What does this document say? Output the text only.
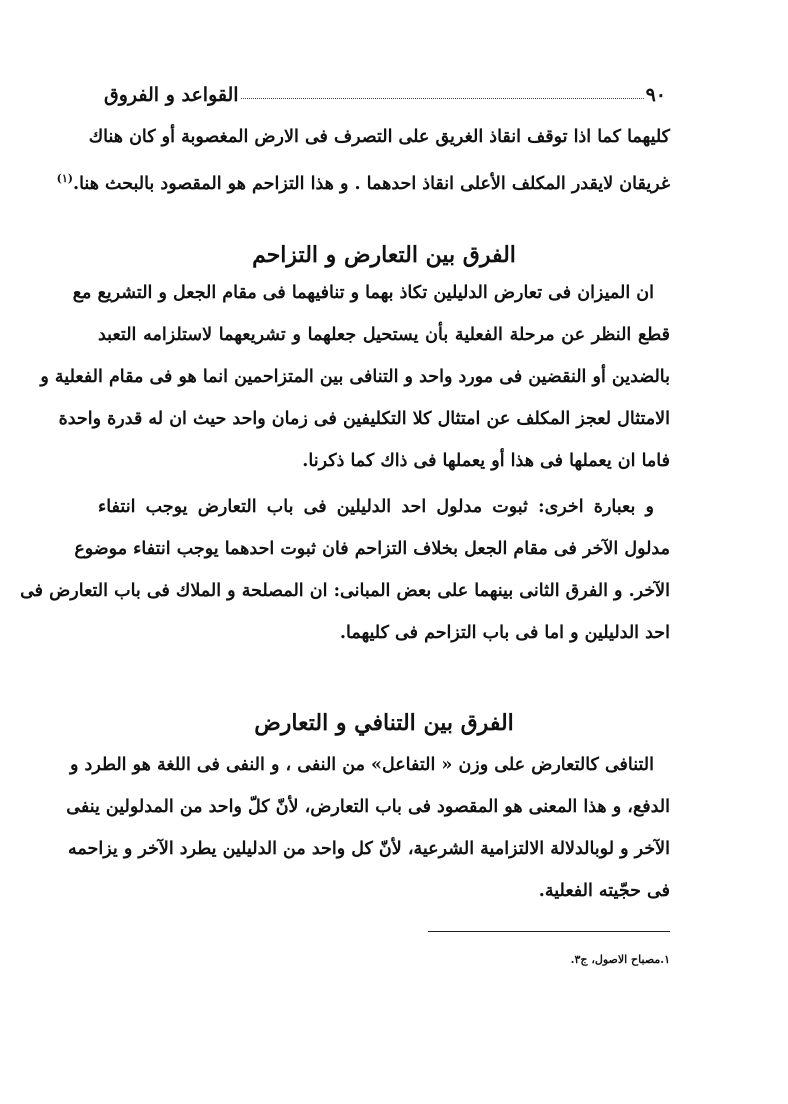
القواعد و الفروق	٩٠
كليهما كما اذا توقف انقاذ الغريق على التصرف فى الارض المغصوبة أو كان هناك
غريقان لايقدر المكلف الأعلى انقاذ احدهما . و هذا التزاحم هو المقصود بالبحث هنا.$^{(١)}$
الفرق بين التعارض و التزاحم
ان الميزان فى تعارض الدليلين تكاذ بهما و تنافيهما فى مقام الجعل و التشريع مع
قطع النظر عن مرحلة الفعلية بأن يستحيل جعلهما و تشريعهما لاستلزامه التعبد
بالضدين أو النقضين فى مورد واحد و التنافى بين المتزاحمين انما هو فى مقام الفعلية و
الامتثال لعجز المكلف عن امتثال كلا التكليفين فى زمان واحد حيث ان له قدرة واحدة
فاما ان يعملها فى هذا أو يعملها فى ذاك كما ذكرنا.
و بعبارة اخرى: ثبوت مدلول احد الدليلين فى باب التعارض يوجب انتفاء
مدلول الآخر فى مقام الجعل بخلاف التزاحم فان ثبوت احدهما يوجب انتفاء موضوع
الآخر. و الفرق الثانى بينهما على بعض المبانى: ان المصلحة و الملاك فى باب التعارض فى
احد الدليلين و اما فى باب التزاحم فى كليهما.
الفرق بين التنافي و التعارض
التنافى كالتعارض على وزن « التفاعل» من النفى ، و النفى فى اللغة هو الطرد و
الدفع، و هذا المعنى هو المقصود فى باب التعارض، لأنّ كلّ واحد من المدلولين ينفى
الآخر و لوبالدلالة الالتزامية الشرعية، لأنّ كل واحد من الدليلين يطرد الآخر و يزاحمه
فى حجّيته الفعلية.
١.مصباح الاصول، ج٣.
